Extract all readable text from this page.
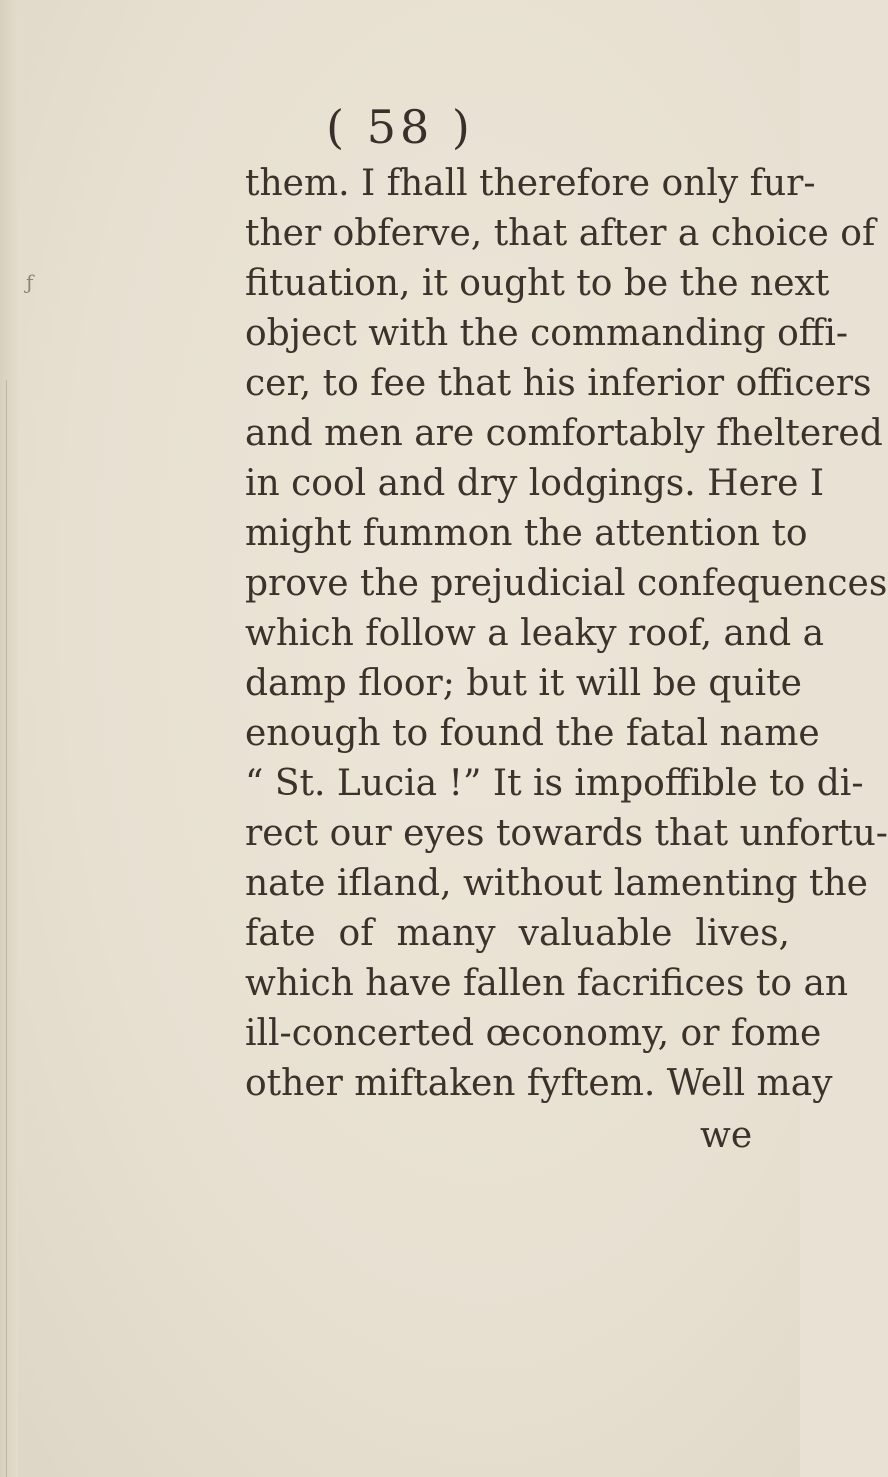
ƒ
( 58 )
them. I fhall therefore only fur-
ther obferve, that after a choice of
fituation, it ought to be the next
object with the commanding offi-
cer, to fee that his inferior officers
and men are comfortably fheltered
in cool and dry lodgings. Here I
might fummon the attention to
prove the prejudicial confequences
which follow a leaky roof, and a
damp floor; but it will be quite
enough to found the fatal name
“ St. Lucia !” It is impoffible to di-
rect our eyes towards that unfortu-
nate ifland, without lamenting the
fate of many valuable lives,
which have fallen facrifices to an
ill-concerted œconomy, or fome
other miftaken fyftem. Well may
we
